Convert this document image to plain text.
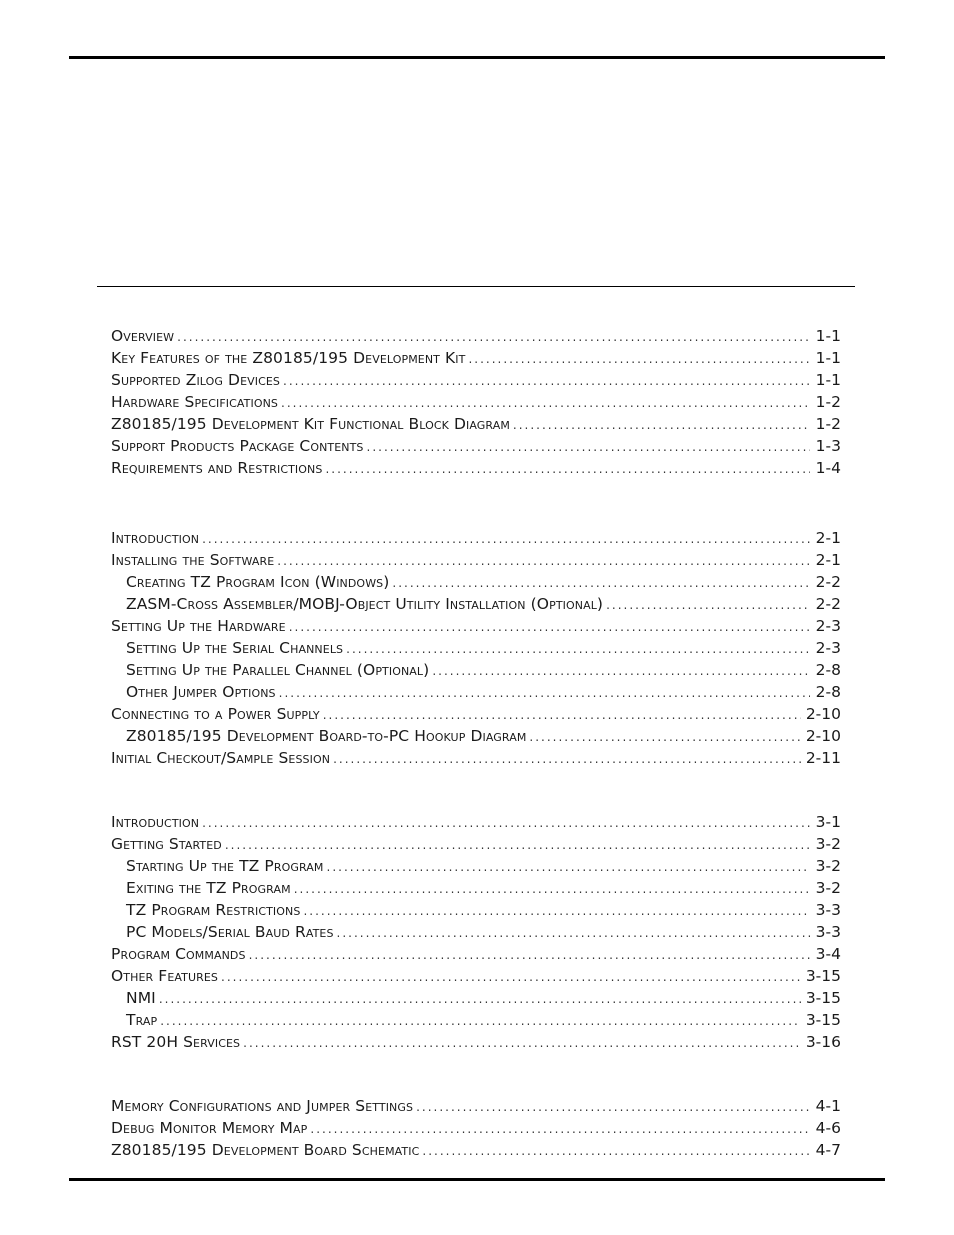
Overview .....	1-1
Key Features of the Z80185/195 Development Kit .....	1-1
Supported Zilog Devices .....	1-1
Hardware Specifications .....	1-2
Z80185/195 Development Kit Functional Block Diagram .....	1-2
Support Products Package Contents .....	1-3
Requirements and Restrictions .....	1-4
Introduction .....	2-1
Installing the Software .....	2-1
Creating TZ Program Icon (Windows) .....	2-2
ZASM-Cross Assembler/MOBJ-Object Utility Installation (Optional) .....	2-2
Setting Up the Hardware .....	2-3
Setting Up the Serial Channels .....	2-3
Setting Up the Parallel Channel (Optional) .....	2-8
Other Jumper Options .....	2-8
Connecting to a Power Supply .....	2-10
Z80185/195 Development Board-to-PC Hookup Diagram .....	2-10
Initial Checkout/Sample Session .....	2-11
Introduction .....	3-1
Getting Started .....	3-2
Starting Up the TZ Program .....	3-2
Exiting the TZ Program .....	3-2
TZ Program Restrictions .....	3-3
PC Models/Serial Baud Rates .....	3-3
Program Commands .....	3-4
Other Features .....	3-15
NMI .....	3-15
Trap .....	3-15
RST 20H Services .....	3-16
Memory Configurations and Jumper Settings .....	4-1
Debug Monitor Memory Map .....	4-6
Z80185/195 Development Board Schematic .....	4-7
